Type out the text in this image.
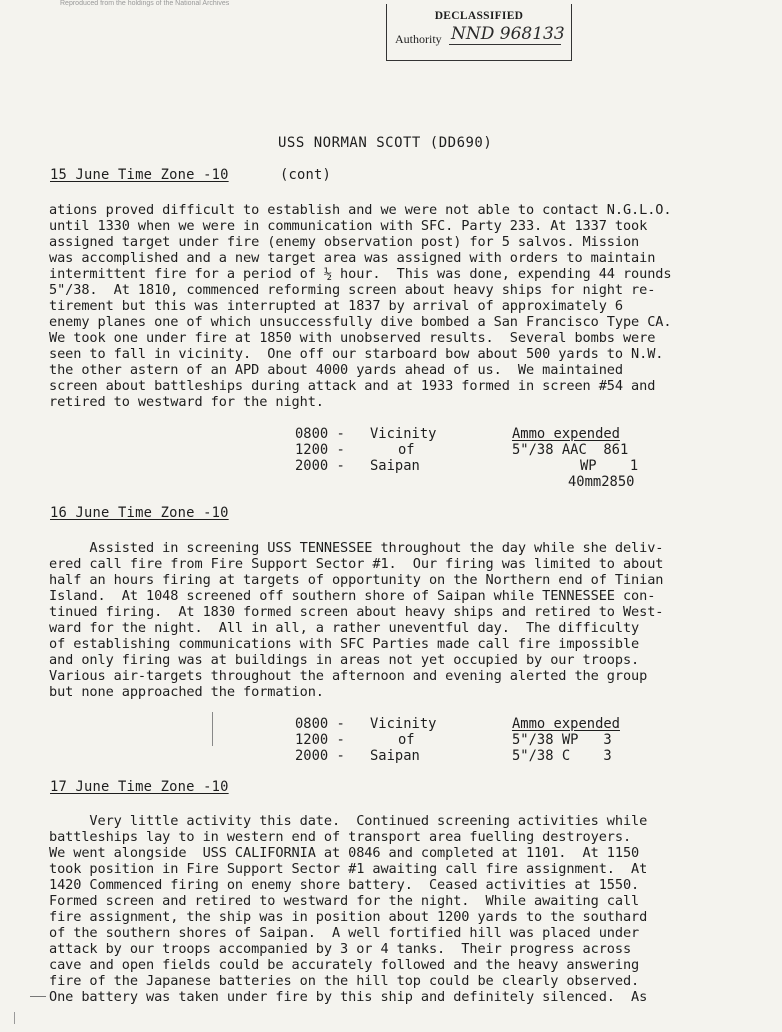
Reproduced from the holdings of the National Archives
DECLASSIFIED
Authority NND 968133
USS NORMAN SCOTT (DD690)
15 June Time Zone -10	(cont)
ations proved difficult to establish and we were not able to contact N.G.L.O.
until 1330 when we were in communication with SFC. Party 233. At 1337 took
assigned target under fire (enemy observation post) for 5 salvos. Mission
was accomplished and a new target area was assigned with orders to maintain
intermittent fire for a period of ½ hour.  This was done, expending 44 rounds
5"/38.  At 1810, commenced reforming screen about heavy ships for night re-
tirement but this was interrupted at 1837 by arrival of approximately 6
enemy planes one of which unsuccessfully dive bombed a San Francisco Type CA.
We took one under fire at 1850 with unobserved results.  Several bombs were
seen to fall in vicinity.  One off our starboard bow about 500 yards to N.W.
the other astern of an APD about 4000 yards ahead of us.  We maintained
screen about battleships during attack and at 1933 formed in screen #54 and
retired to westward for the night.
0800 -
1200 -
2000 -
Vicinity
of
Saipan
Ammo expended
5"/38 AAC  861
WP    1
40mm2850
16 June Time Zone -10
Assisted in screening USS TENNESSEE throughout the day while she deliv-
ered call fire from Fire Support Sector #1.  Our firing was limited to about
half an hours firing at targets of opportunity on the Northern end of Tinian
Island.  At 1048 screened off southern shore of Saipan while TENNESSEE con-
tinued firing.  At 1830 formed screen about heavy ships and retired to West-
ward for the night.  All in all, a rather uneventful day.  The difficulty
of establishing communications with SFC Parties made call fire impossible
and only firing was at buildings in areas not yet occupied by our troops.
Various air-targets throughout the afternoon and evening alerted the group
but none approached the formation.
0800 -
1200 -
2000 -
Vicinity
of
Saipan
Ammo expended
5"/38 WP   3
5"/38 C    3
17 June Time Zone -10
Very little activity this date.  Continued screening activities while
battleships lay to in western end of transport area fuelling destroyers.
We went alongside  USS CALIFORNIA at 0846 and completed at 1101.  At 1150
took position in Fire Support Sector #1 awaiting call fire assignment.  At
1420 Commenced firing on enemy shore battery.  Ceased activities at 1550.
Formed screen and retired to westward for the night.  While awaiting call
fire assignment, the ship was in position about 1200 yards to the southard
of the southern shores of Saipan.  A well fortified hill was placed under
attack by our troops accompanied by 3 or 4 tanks.  Their progress across
cave and open fields could be accurately followed and the heavy answering
fire of the Japanese batteries on the hill top could be clearly observed.
One battery was taken under fire by this ship and definitely silenced.  As
